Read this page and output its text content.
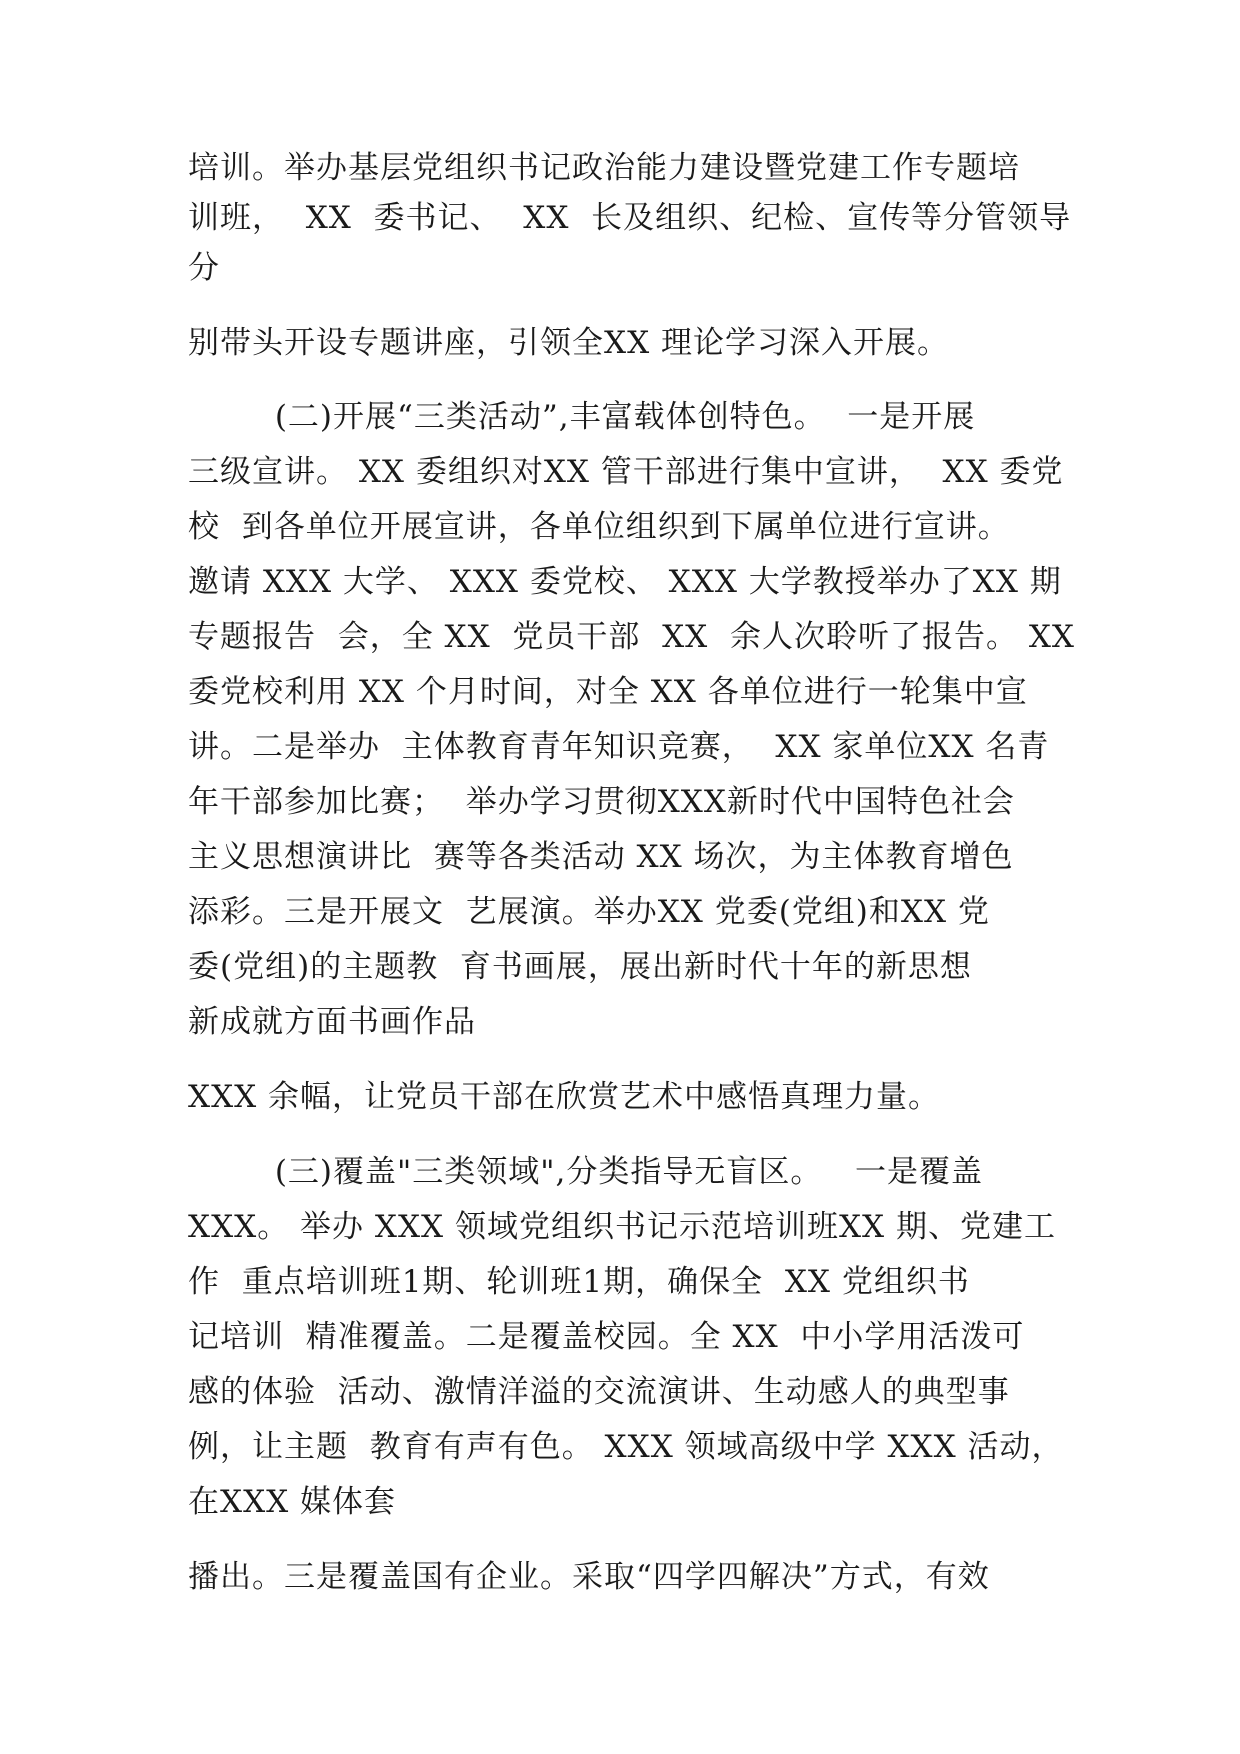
培训。举办基层党组织书记政治能力建设暨党建工作专题培
训班，  XX  委书记、  XX  长及组织、纪检、宣传等分管领导
分
别带头开设专题讲座，引领全XX 理论学习深入开展。
(二)开展“三类活动”,丰富载体创特色。  一是开展
三级宣讲。 XX 委组织对XX 管干部进行集中宣讲，  XX 委党
校  到各单位开展宣讲，各单位组织到下属单位进行宣讲。
邀请 XXX 大学、 XXX 委党校、 XXX 大学教授举办了XX 期
专题报告  会，全 XX  党员干部  XX  余人次聆听了报告。 XX
委党校利用 XX 个月时间，对全 XX 各单位进行一轮集中宣
讲。二是举办  主体教育青年知识竞赛，  XX 家单位XX 名青
年干部参加比赛；  举办学习贯彻XXX新时代中国特色社会
主义思想演讲比  赛等各类活动 XX 场次，为主体教育增色
添彩。三是开展文  艺展演。举办XX 党委(党组)和XX 党
委(党组)的主题教  育书画展，展出新时代十年的新思想
新成就方面书画作品
XXX 余幅，让党员干部在欣赏艺术中感悟真理力量。
(三)覆盖"三类领域",分类指导无盲区。   一是覆盖
XXX。 举办 XXX 领域党组织书记示范培训班XX 期、党建工
作  重点培训班1期、轮训班1期，确保全  XX 党组织书
记培训  精准覆盖。二是覆盖校园。全 XX  中小学用活泼可
感的体验  活动、激情洋溢的交流演讲、生动感人的典型事
例，让主题  教育有声有色。 XXX 领域高级中学 XXX 活动，
在XXX 媒体套
播出。三是覆盖国有企业。采取“四学四解决”方式，有效
